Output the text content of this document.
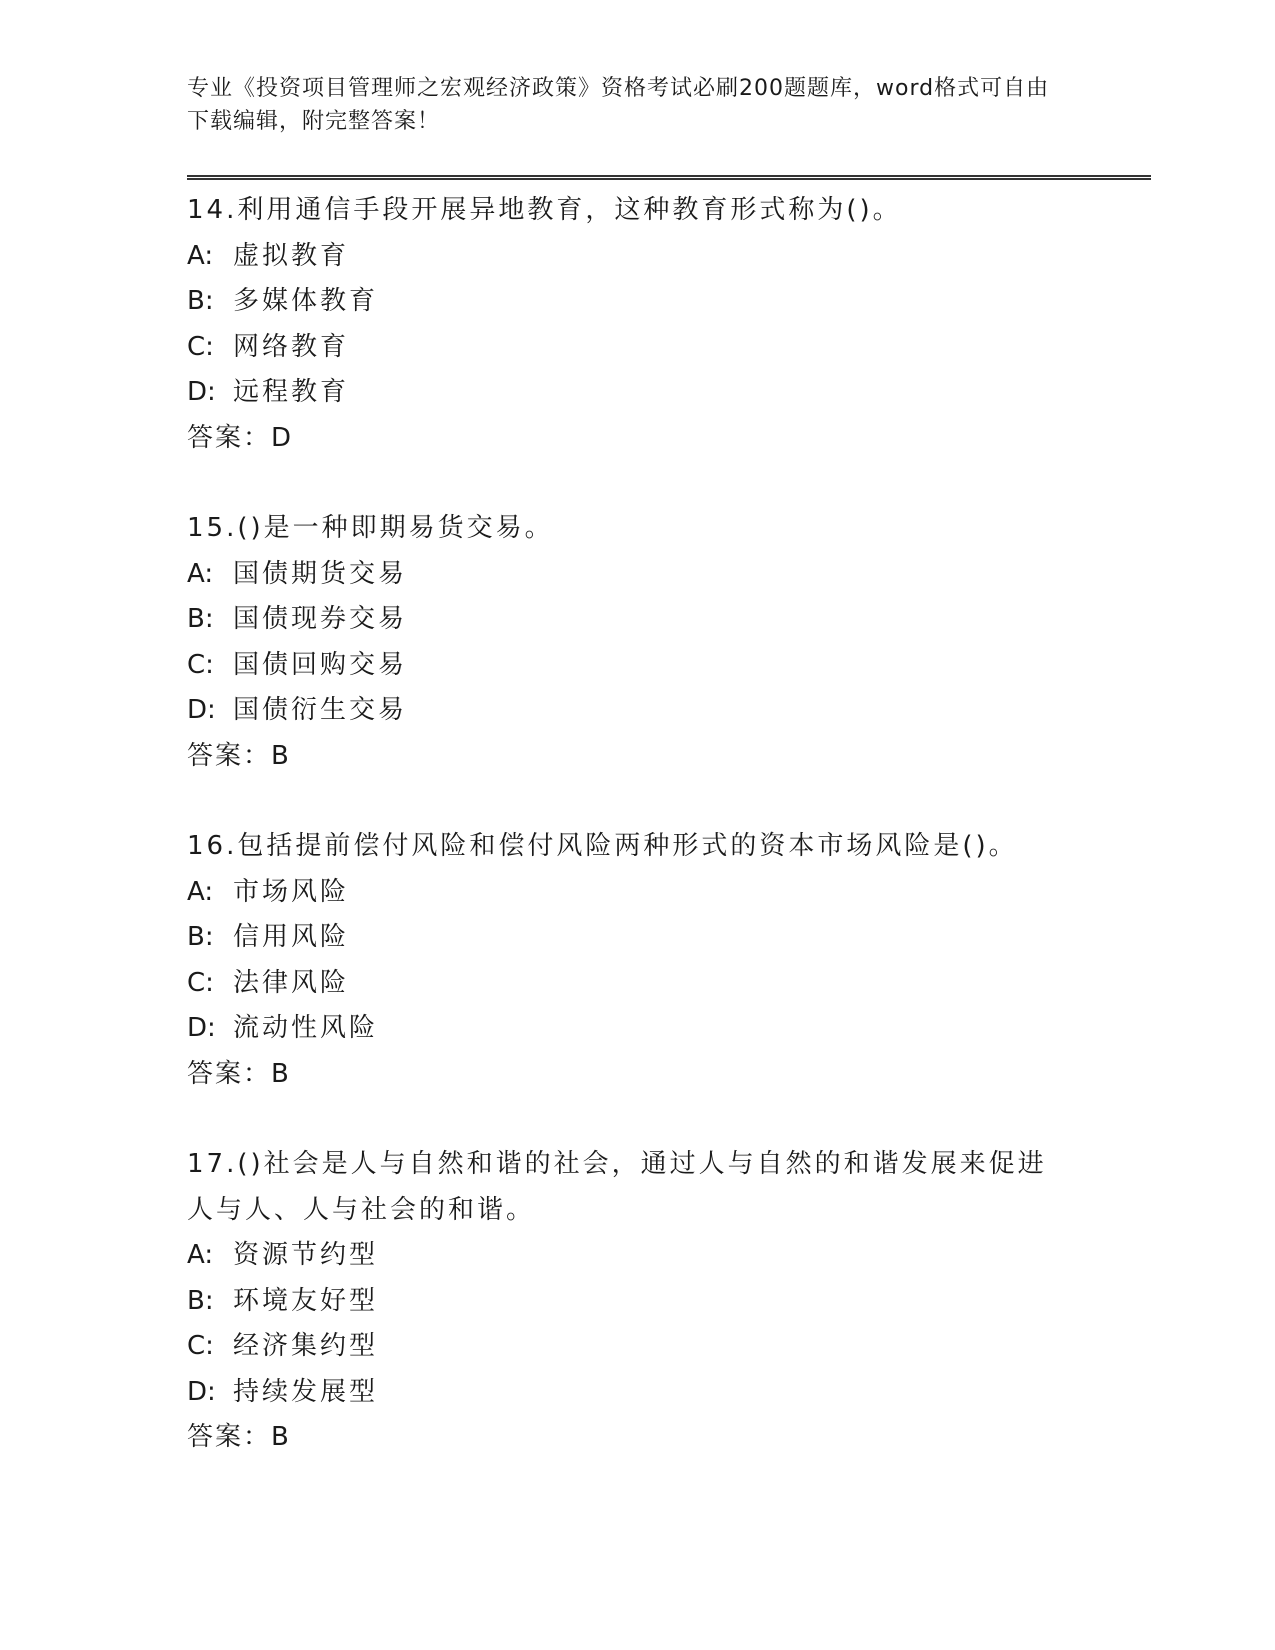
专业《投资项目管理师之宏观经济政策》资格考试必刷200题题库，word格式可自由下载编辑，附完整答案！

14.利用通信手段开展异地教育，这种教育形式称为()。

A: 虚拟教育

B: 多媒体教育

C: 网络教育

D: 远程教育

答案：D

15.()是一种即期易货交易。

A: 国债期货交易

B: 国债现券交易

C: 国债回购交易

D: 国债衍生交易

答案：B

16.包括提前偿付风险和偿付风险两种形式的资本市场风险是()。

A: 市场风险

B: 信用风险

C: 法律风险

D: 流动性风险

答案：B

17.()社会是人与自然和谐的社会，通过人与自然的和谐发展来促进人与人、人与社会的和谐。

A: 资源节约型

B: 环境友好型

C: 经济集约型

D: 持续发展型

答案：B
